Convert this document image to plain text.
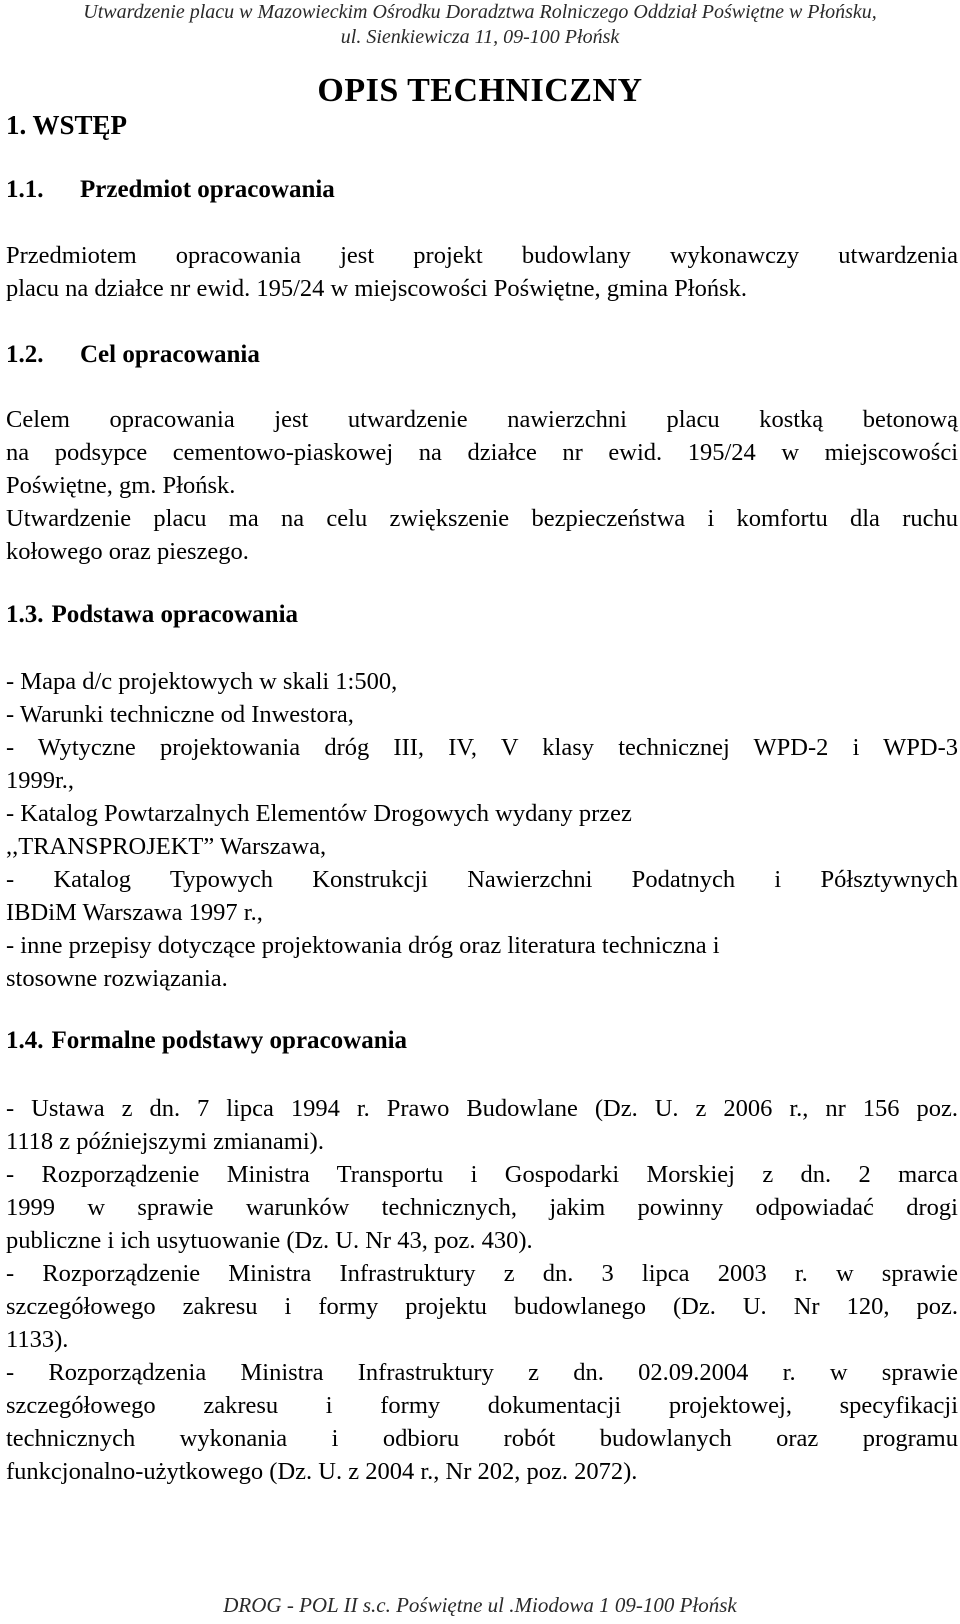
Utwardzenie placu w Mazowieckim Ośrodku Doradztwa Rolniczego Oddział Poświętne w Płońsku,
ul. Sienkiewicza 11, 09-100 Płońsk
OPIS TECHNICZNY
1. WSTĘP
1.1. Przedmiot opracowania
Przedmiotem opracowania jest projekt budowlany wykonawczy utwardzenia
placu na działce nr ewid. 195/24 w miejscowości Poświętne, gmina Płońsk.
1.2. Cel opracowania
Celem opracowania jest utwardzenie nawierzchni placu kostką betonową
na podsypce cementowo-piaskowej na działce nr ewid. 195/24 w miejscowości
Poświętne, gm. Płońsk.
Utwardzenie placu ma na celu zwiększenie bezpieczeństwa i komfortu dla ruchu
kołowego oraz pieszego.
1.3. Podstawa opracowania
- Mapa d/c projektowych w skali 1:500,
- Warunki techniczne od Inwestora,
- Wytyczne projektowania dróg III, IV, V klasy technicznej WPD-2 i WPD-3
1999r.,
- Katalog Powtarzalnych Elementów Drogowych wydany przez
,,TRANSPROJEKT” Warszawa,
- Katalog Typowych Konstrukcji Nawierzchni Podatnych i Półsztywnych
IBDiM Warszawa 1997 r.,
- inne przepisy dotyczące projektowania dróg oraz literatura techniczna i
stosowne rozwiązania.
1.4. Formalne podstawy opracowania
- Ustawa z dn. 7 lipca 1994 r. Prawo Budowlane (Dz. U. z 2006 r., nr 156 poz.
1118 z późniejszymi zmianami).
- Rozporządzenie Ministra Transportu i Gospodarki Morskiej z dn. 2 marca
1999 w sprawie warunków technicznych, jakim powinny odpowiadać drogi
publiczne i ich usytuowanie (Dz. U. Nr 43, poz. 430).
- Rozporządzenie Ministra Infrastruktury z dn. 3 lipca 2003 r. w sprawie
szczegółowego zakresu i formy projektu budowlanego (Dz. U. Nr 120, poz.
1133).
- Rozporządzenia Ministra Infrastruktury z dn. 02.09.2004 r. w sprawie
szczegółowego zakresu i formy dokumentacji projektowej, specyfikacji
technicznych wykonania i odbioru robót budowlanych oraz programu
funkcjonalno-użytkowego (Dz. U. z 2004 r., Nr 202, poz. 2072).
DROG - POL II s.c. Poświętne ul .Miodowa 1 09-100 Płońsk
